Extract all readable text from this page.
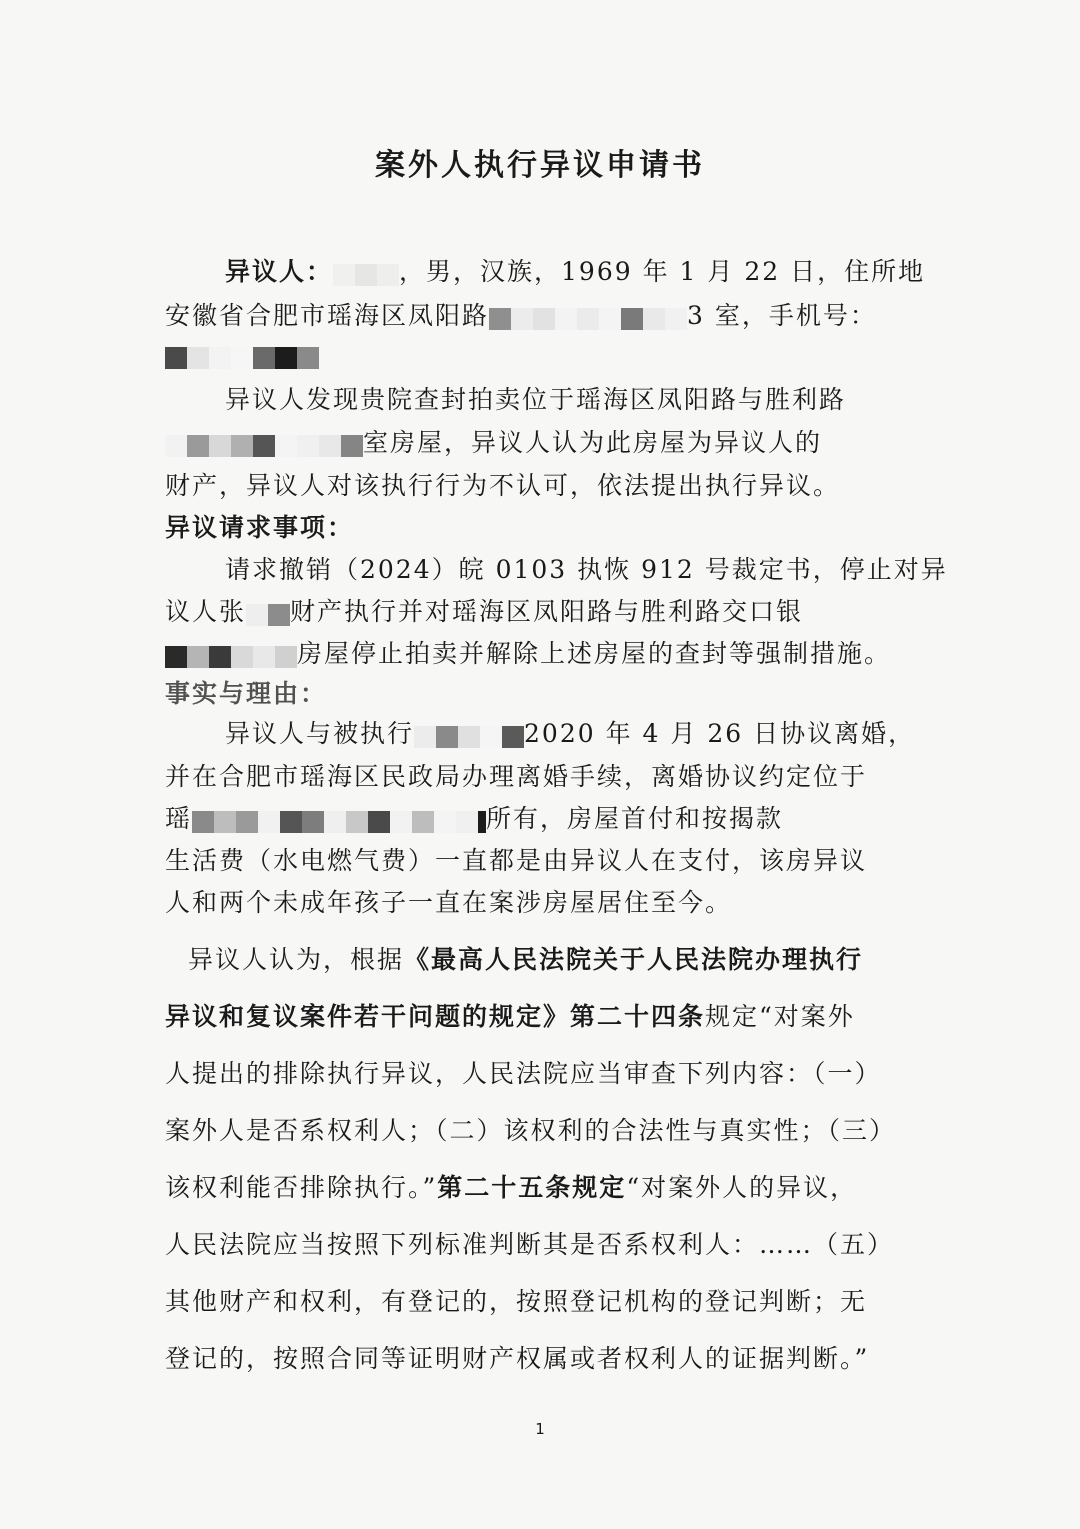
案外人执行异议申请书
异议人：	，男，汉族，1969 年 1 月 22 日，住所地
安徽省合肥市瑶海区凤阳路	3 室，手机号：
异议人发现贵院查封拍卖位于瑶海区凤阳路与胜利路
室房屋，异议人认为此房屋为异议人的
财产，异议人对该执行行为不认可，依法提出执行异议。
异议请求事项：
请求撤销（2024）皖 0103 执恢 912 号裁定书，停止对异
议人张 财产执行并对瑶海区凤阳路与胜利路交口银
房屋停止拍卖并解除上述房屋的查封等强制措施。
事实与理由：
异议人与被执行	2020 年 4 月 26 日协议离婚，
并在合肥市瑶海区民政局办理离婚手续，离婚协议约定位于
瑶	所有，房屋首付和按揭款
生活费（水电燃气费）一直都是由异议人在支付，该房异议
人和两个未成年孩子一直在案涉房屋居住至今。
异议人认为，根据《最高人民法院关于人民法院办理执行
异议和复议案件若干问题的规定》第二十四条规定“对案外
人提出的排除执行异议，人民法院应当审查下列内容：（一）
案外人是否系权利人；（二）该权利的合法性与真实性；（三）
该权利能否排除执行。”第二十五条规定“对案外人的异议，
人民法院应当按照下列标准判断其是否系权利人：……（五）
其他财产和权利，有登记的，按照登记机构的登记判断；无
登记的，按照合同等证明财产权属或者权利人的证据判断。”
1
